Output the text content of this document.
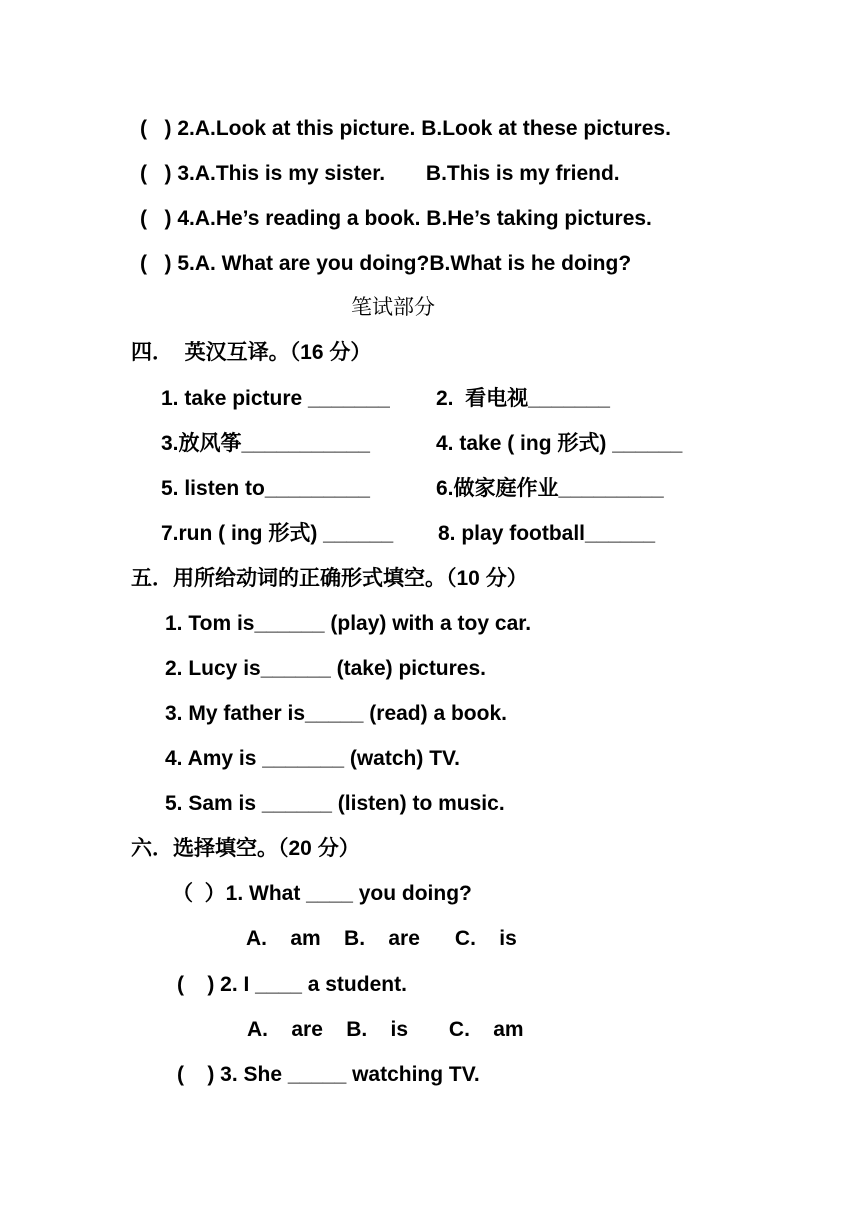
(   ) 2.A.Look at this picture. B.Look at these pictures.
(   ) 3.A.This is my sister.       B.This is my friend.
(   ) 4.A.He’s reading a book. B.He’s taking pictures.
(   ) 5.A. What are you doing?B.What is he doing?
笔试部分
四．  英汉互译。（16 分）
1. take picture _______ 2.  看电视_______
3.放风筝___________	4. take ( ing 形式) ______
5. listen to_________	6.做家庭作业_________
7.run ( ing 形式) ______ 8. play football______
五．用所给动词的正确形式填空。（10 分）
1. Tom is______ (play) with a toy car.
2. Lucy is______ (take) pictures.
3. My father is_____ (read) a book.
4. Amy is _______ (watch) TV.
5. Sam is ______ (listen) to music.
六．选择填空。（20 分）
（  ）1. What ____ you doing?
A.    am    B.    are      C.    is
(    ) 2. I ____ a student.
A.    are    B.    is       C.    am
(    ) 3. She _____ watching TV.
